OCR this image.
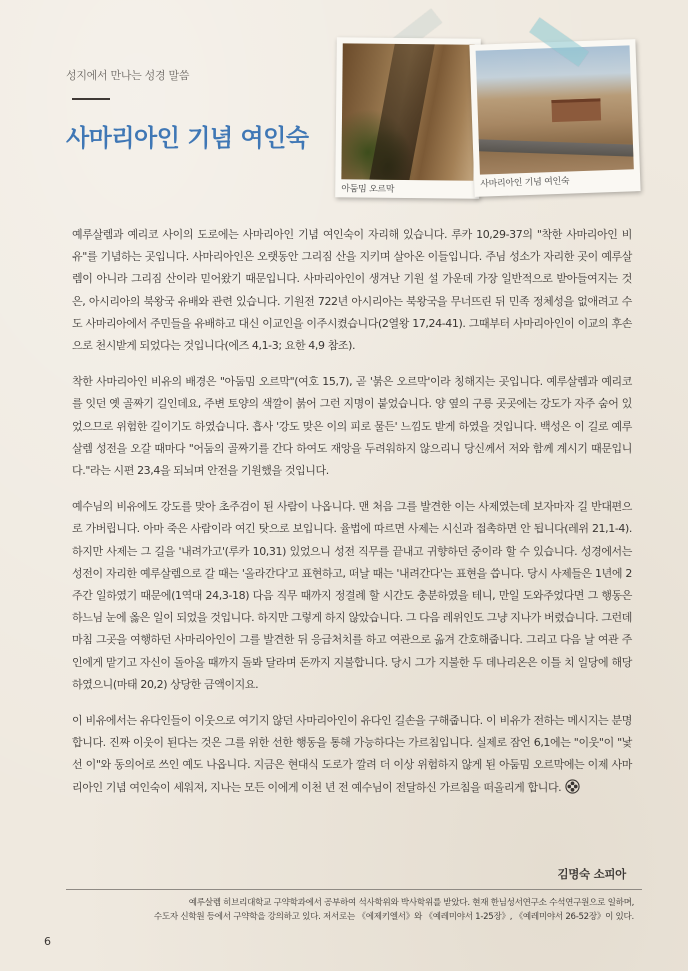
성지에서 만나는 성경 말씀
사마리아인 기념 여인숙
아둠밈 오르막	사마리아인 기념 여인숙

예루살렘과 예리코 사이의 도로에는 사마리아인 기념 여인숙이 자리해 있습니다. 루카 10,29-37의 "착한 사마리아인 비유"를 기념하는 곳입니다. 사마리아인은 오랫동안 그리짐 산을 지키며 살아온 이들입니다. 주님 성소가 자리한 곳이 예루살렘이 아니라 그리짐 산이라 믿어왔기 때문입니다. 사마리아인이 생겨난 기원 설 가운데 가장 일반적으로 받아들여지는 것은, 아시리아의 북왕국 유배와 관련 있습니다. 기원전 722년 아시리아는 북왕국을 무너뜨린 뒤 민족 정체성을 없애려고 수도 사마리아에서 주민들을 유배하고 대신 이교인을 이주시켰습니다(2열왕 17,24-41). 그때부터 사마리아인이 이교의 후손으로 천시받게 되었다는 것입니다(에즈 4,1-3; 요한 4,9 참조).

착한 사마리아인 비유의 배경은 "아둠밈 오르막"(여호 15,7), 곧 '붉은 오르막'이라 칭해지는 곳입니다. 예루살렘과 예리코를 잇던 옛 골짜기 길인데요, 주변 토양의 색깔이 붉어 그런 지명이 붙었습니다. 양 옆의 구릉 곳곳에는 강도가 자주 숨어 있었으므로 위험한 길이기도 하였습니다. 흡사 '강도 맞은 이의 피로 물든' 느낌도 받게 하였을 것입니다. 백성은 이 길로 예루살렘 성전을 오갈 때마다 "어둠의 골짜기를 간다 하여도 재앙을 두려워하지 않으리니 당신께서 저와 함께 계시기 때문입니다."라는 시편 23,4을 되뇌며 안전을 기원했을 것입니다.

예수님의 비유에도 강도를 맞아 초주검이 된 사람이 나옵니다. 맨 처음 그를 발견한 이는 사제였는데 보자마자 길 반대편으로 가버립니다. 아마 죽은 사람이라 여긴 탓으로 보입니다. 율법에 따르면 사제는 시신과 접촉하면 안 됩니다(레위 21,1-4). 하지만 사제는 그 길을 '내려가고'(루카 10,31) 있었으니 성전 직무를 끝내고 귀향하던 중이라 할 수 있습니다. 성경에서는 성전이 자리한 예루살렘으로 갈 때는 '올라간다'고 표현하고, 떠날 때는 '내려간다'는 표현을 씁니다. 당시 사제들은 1년에 2주간 일하였기 때문에(1역대 24,3-18) 다음 직무 때까지 정결례 할 시간도 충분하였을 테니, 만일 도와주었다면 그 행동은 하느님 눈에 옳은 일이 되었을 것입니다. 하지만 그렇게 하지 않았습니다. 그 다음 레위인도 그냥 지나가 버렸습니다. 그런데 마침 그곳을 여행하던 사마리아인이 그를 발견한 뒤 응급처치를 하고 여관으로 옮겨 간호해줍니다. 그리고 다음 날 여관 주인에게 맡기고 자신이 돌아올 때까지 돌봐 달라며 돈까지 지불합니다. 당시 그가 지불한 두 데나리온은 이틀 치 일당에 해당하였으니(마태 20,2) 상당한 금액이지요.

이 비유에서는 유다인들이 이웃으로 여기지 않던 사마리아인이 유다인 길손을 구해줍니다. 이 비유가 전하는 메시지는 분명합니다. 진짜 이웃이 된다는 것은 그를 위한 선한 행동을 통해 가능하다는 가르침입니다. 실제로 잠언 6,1에는 "이웃"이 "낯선 이"와 동의어로 쓰인 예도 나옵니다. 지금은 현대식 도로가 깔려 더 이상 위험하지 않게 된 아둠밈 오르막에는 이제 사마리아인 기념 여인숙이 세워져, 지나는 모든 이에게 이천 년 전 예수님이 전달하신 가르침을 떠올리게 합니다.

김명숙 소피아
예루살렘 히브리대학교 구약학과에서 공부하여 석사학위와 박사학위를 받았다. 현재 한님성서연구소 수석연구원으로 일하며,
수도자 신학원 등에서 구약학을 강의하고 있다. 저서로는 《에제키엘서》와 《예레미야서 1-25장》, 《예레미야서 26-52장》이 있다.
6
